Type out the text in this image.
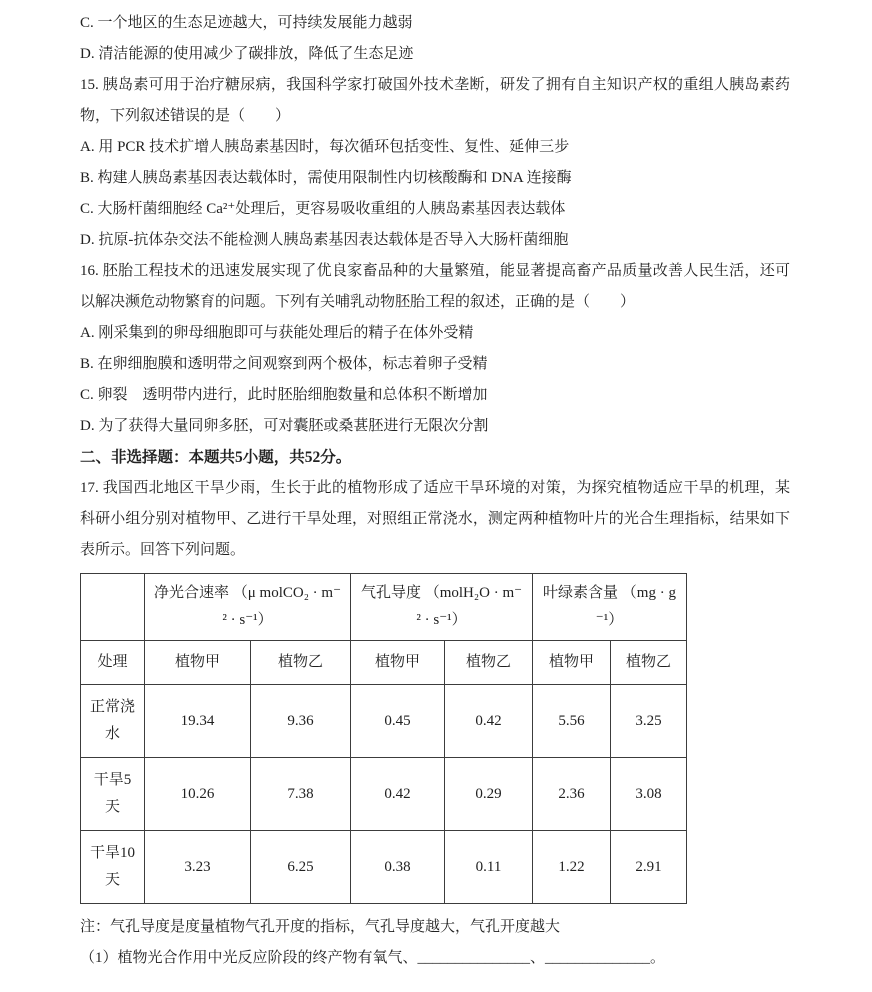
C. 一个地区的生态足迹越大，可持续发展能力越弱

D. 清洁能源的使用减少了碳排放，降低了生态足迹

15. 胰岛素可用于治疗糖尿病，我国科学家打破国外技术垄断，研发了拥有自主知识产权的重组人胰岛素药物，下列叙述错误的是（　　）

A. 用 PCR 技术扩增人胰岛素基因时，每次循环包括变性、复性、延伸三步

B. 构建人胰岛素基因表达载体时，需使用限制性内切核酸酶和 DNA 连接酶

C. 大肠杆菌细胞经 Ca²⁺处理后，更容易吸收重组的人胰岛素基因表达载体

D. 抗原-抗体杂交法不能检测人胰岛素基因表达载体是否导入大肠杆菌细胞

16. 胚胎工程技术的迅速发展实现了优良家畜品种的大量繁殖，能显著提高畜产品质量改善人民生活，还可以解决濒危动物繁育的问题。下列有关哺乳动物胚胎工程的叙述，正确的是（　　）

A. 刚采集到的卵母细胞即可与获能处理后的精子在体外受精

B. 在卵细胞膜和透明带之间观察到两个极体，标志着卵子受精

C. 卵裂　透明带内进行，此时胚胎细胞数量和总体积不断增加

D. 为了获得大量同卵多胚，可对囊胚或桑葚胚进行无限次分割

二、非选择题：本题共5小题，共52分。

17. 我国西北地区干旱少雨，生长于此的植物形成了适应干旱环境的对策，为探究植物适应干旱的机理，某科研小组分别对植物甲、乙进行干旱处理，对照组正常浇水，测定两种植物叶片的光合生理指标，结果如下表所示。回答下列问题。

	净光合速率 （μ molCO₂ · m⁻² · s⁻¹）		气孔导度 （molH₂O · m⁻² · s⁻¹）		叶绿素含量 （mg · g⁻¹）	
处理	植物甲	植物乙	植物甲	植物乙	植物甲	植物乙
正常浇水	19.34	9.36	0.45	0.42	5.56	3.25
干旱5天	10.26	7.38	0.42	0.29	2.36	3.08
干旱10天	3.23	6.25	0.38	0.11	1.22	2.91

注：气孔导度是度量植物气孔开度的指标，气孔导度越大，气孔开度越大

（1）植物光合作用中光反应阶段的终产物有氧气、_______________、______________。
